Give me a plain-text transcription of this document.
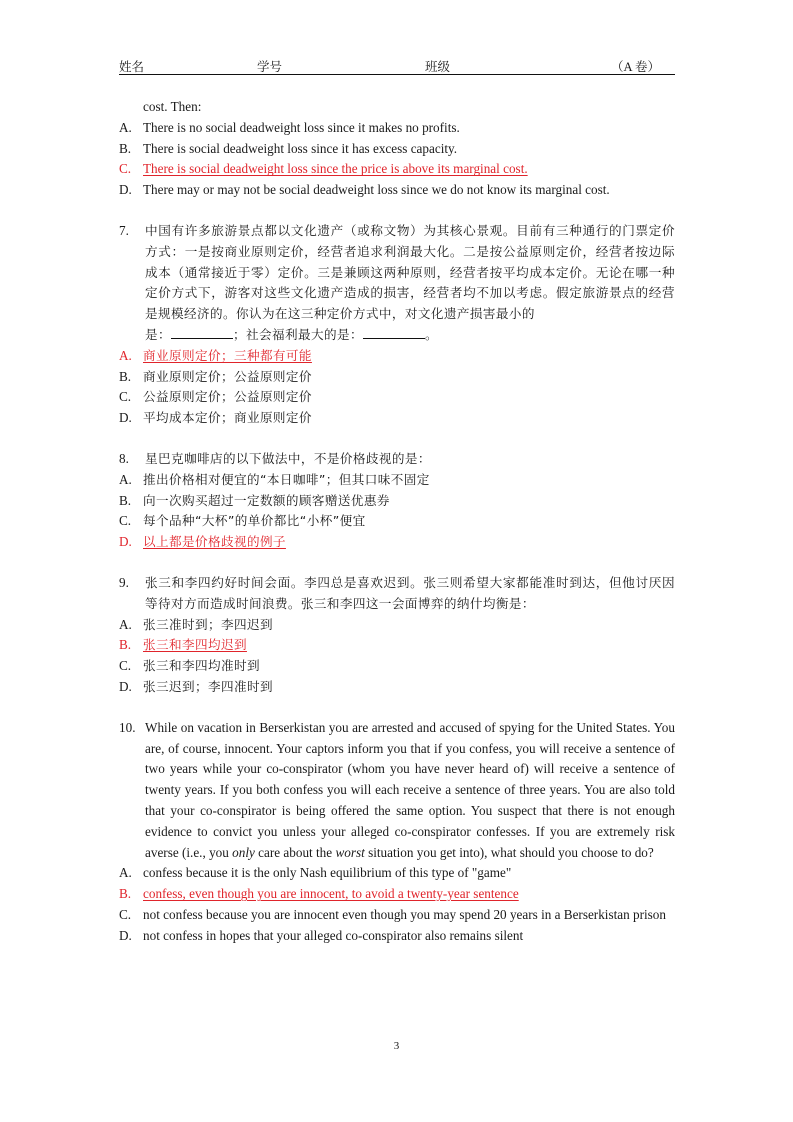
姓名	学号	班级	（A 卷）
cost. Then:
A. There is no social deadweight loss since it makes no profits.
B. There is social deadweight loss since it has excess capacity.
C. There is social deadweight loss since the price is above its marginal cost.
D. There may or may not be social deadweight loss since we do not know its marginal cost.
7.	中国有许多旅游景点都以文化遗产（或称文物）为其核心景观。目前有三种通行的门票定价方式：一是按商业原则定价，经营者追求利润最大化。二是按公益原则定价，经营者按边际成本（通常接近于零）定价。三是兼顾这两种原则，经营者按平均成本定价。无论在哪一种定价方式下，游客对这些文化遗产造成的损害，经营者均不加以考虑。假定旅游景点的经营是规模经济的。你认为在这三种定价方式中，对文化遗产损害最小的
是：	；社会福利最大的是：	。
A. 商业原则定价；三种都有可能
B. 商业原则定价；公益原则定价
C. 公益原则定价；公益原则定价
D. 平均成本定价；商业原则定价
8.	星巴克咖啡店的以下做法中，不是价格歧视的是：
A. 推出价格相对便宜的“本日咖啡”；但其口味不固定
B. 向一次购买超过一定数额的顾客赠送优惠券
C. 每个品种“大杯”的单价都比“小杯”便宜
D. 以上都是价格歧视的例子
9.	张三和李四约好时间会面。李四总是喜欢迟到。张三则希望大家都能准时到达，但他讨厌因等待对方而造成时间浪费。张三和李四这一会面博弈的纳什均衡是：
A. 张三准时到；李四迟到
B. 张三和李四均迟到
C. 张三和李四均准时到
D. 张三迟到；李四准时到
10. While on vacation in Berserkistan you are arrested and accused of spying for the United States. You are, of course, innocent. Your captors inform you that if you confess, you will receive a sentence of two years while your co-conspirator (whom you have never heard of) will receive a sentence of twenty years. If you both confess you will each receive a sentence of three years. You are also told that your co-conspirator is being offered the same option. You suspect that there is not enough evidence to convict you unless your alleged co-conspirator confesses. If you are extremely risk averse (i.e., you only care about the worst situation you get into), what should you choose to do?
A. confess because it is the only Nash equilibrium of this type of "game"
B. confess, even though you are innocent, to avoid a twenty-year sentence
C. not confess because you are innocent even though you may spend 20 years in a Berserkistan prison
D. not confess in hopes that your alleged co-conspirator also remains silent
3
